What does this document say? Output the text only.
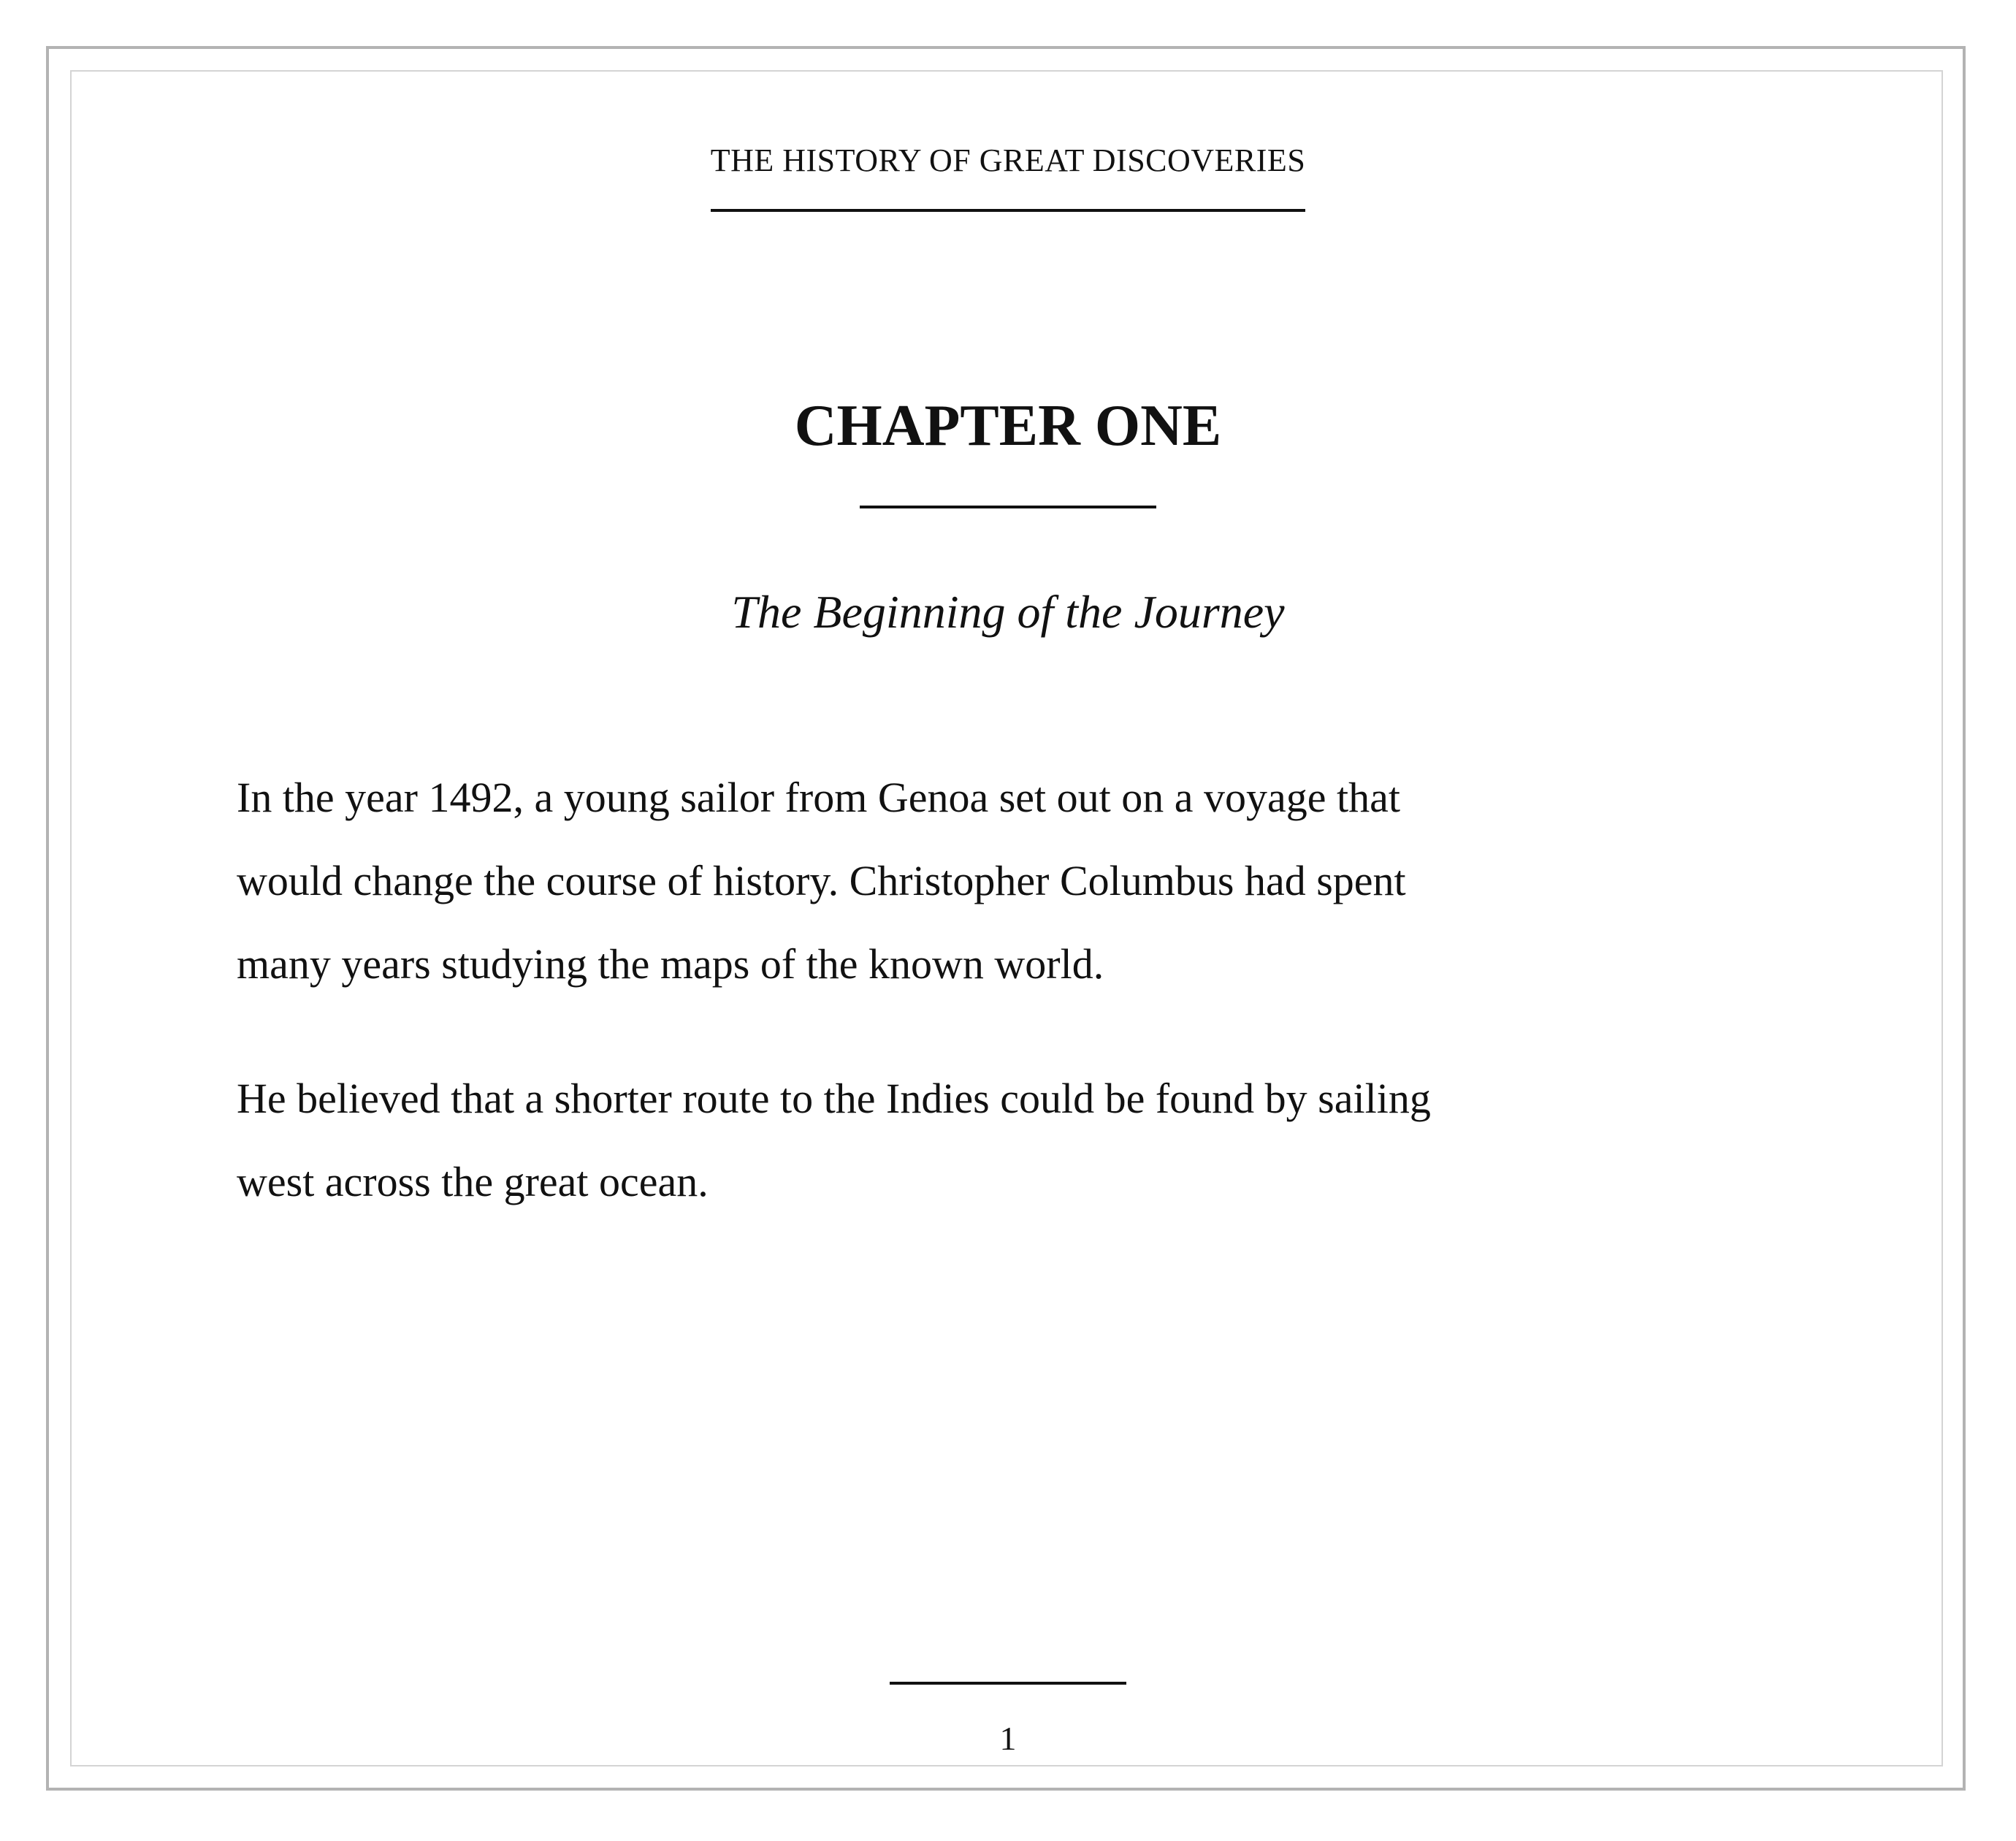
THE HISTORY OF GREAT DISCOVERIES
CHAPTER ONE
The Beginning of the Journey

In the year 1492, a young sailor from Genoa set out on a voyage that would change the course of history. Christopher Columbus had spent many years studying the maps of the known world.

He believed that a shorter route to the Indies could be found by sailing west across the great ocean.

1
